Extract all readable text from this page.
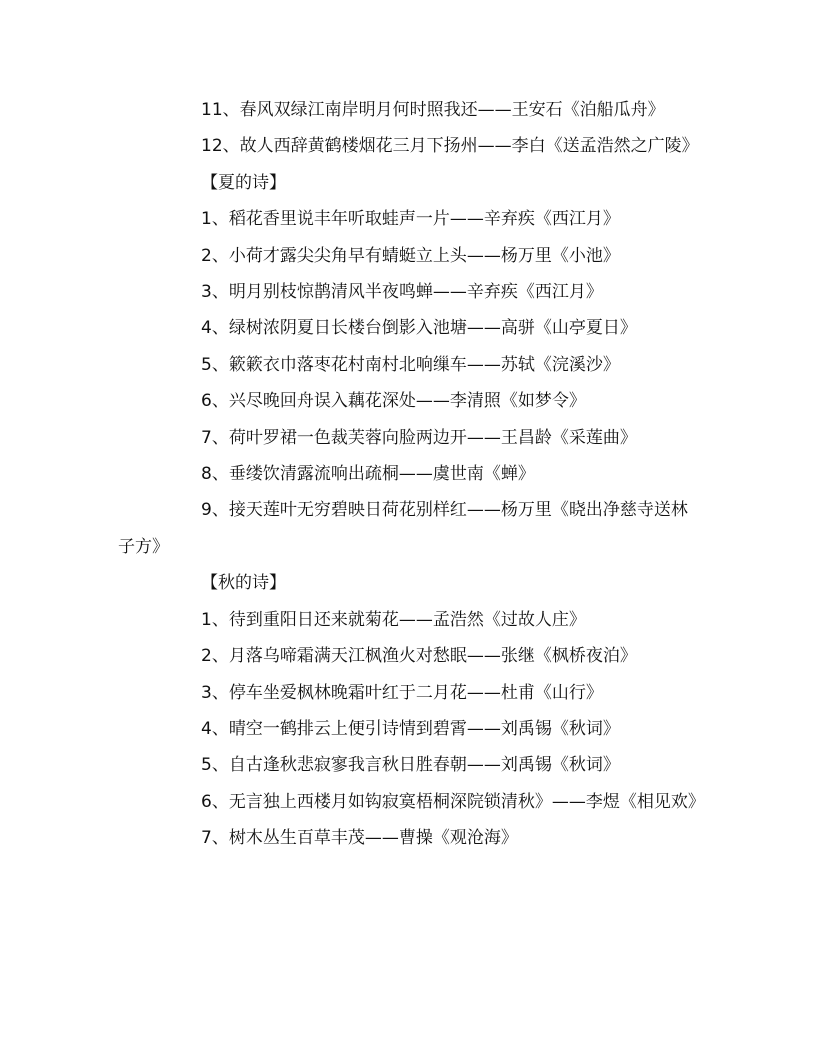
11、春风双绿江南岸明月何时照我还——王安石《泊船瓜舟》

12、故人西辞黄鹤楼烟花三月下扬州——李白《送孟浩然之广陵》

【夏的诗】

1、稻花香里说丰年听取蛙声一片——辛弃疾《西江月》

2、小荷才露尖尖角早有蜻蜓立上头——杨万里《小池》

3、明月别枝惊鹊清风半夜鸣蝉——辛弃疾《西江月》

4、绿树浓阴夏日长楼台倒影入池塘——高骈《山亭夏日》

5、簌簌衣巾落枣花村南村北响缫车——苏轼《浣溪沙》

6、兴尽晚回舟误入藕花深处——李清照《如梦令》

7、荷叶罗裙一色裁芙蓉向脸两边开——王昌龄《采莲曲》

8、垂缕饮清露流响出疏桐——虞世南《蝉》

9、接天莲叶无穷碧映日荷花别样红——杨万里《晓出净慈寺送林子方》

【秋的诗】

1、待到重阳日还来就菊花——孟浩然《过故人庄》

2、月落乌啼霜满天江枫渔火对愁眠——张继《枫桥夜泊》

3、停车坐爱枫林晚霜叶红于二月花——杜甫《山行》

4、晴空一鹤排云上便引诗情到碧霄——刘禹锡《秋词》

5、自古逢秋悲寂寥我言秋日胜春朝——刘禹锡《秋词》

6、无言独上西楼月如钩寂寞梧桐深院锁清秋》——李煜《相见欢》

7、树木丛生百草丰茂——曹操《观沧海》
